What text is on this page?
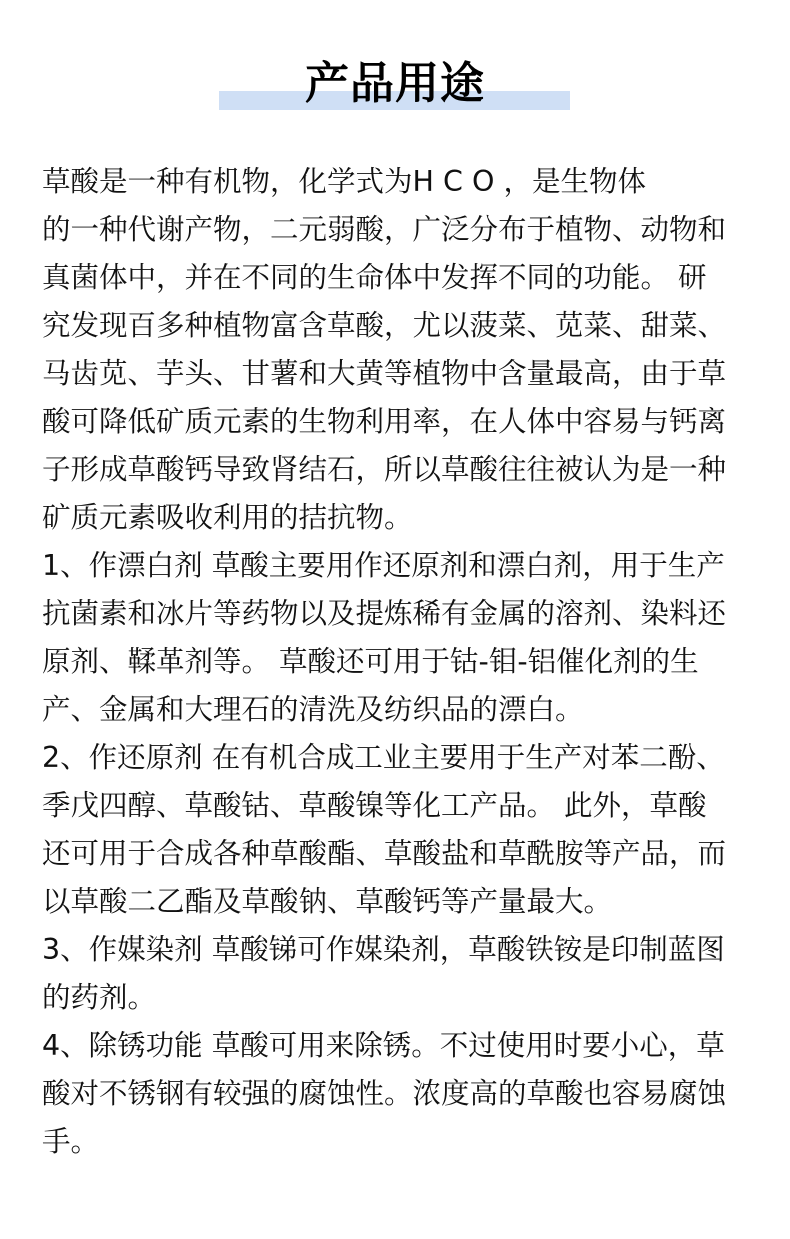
产品用途
草酸是一种有机物，化学式为H C O ，是生物体
的一种代谢产物，二元弱酸，广泛分布于植物、动物和
真菌体中，并在不同的生命体中发挥不同的功能。 研
究发现百多种植物富含草酸，尤以菠菜、苋菜、甜菜、
马齿苋、芋头、甘薯和大黄等植物中含量最高，由于草
酸可降低矿质元素的生物利用率，在人体中容易与钙离
子形成草酸钙导致肾结石，所以草酸往往被认为是一种
矿质元素吸收利用的拮抗物。
1、作漂白剂 草酸主要用作还原剂和漂白剂，用于生产
抗菌素和冰片等药物以及提炼稀有金属的溶剂、染料还
原剂、鞣革剂等。 草酸还可用于钴-钼-铝催化剂的生
产、金属和大理石的清洗及纺织品的漂白。
2、作还原剂 在有机合成工业主要用于生产对苯二酚、
季戊四醇、草酸钴、草酸镍等化工产品。 此外，草酸
还可用于合成各种草酸酯、草酸盐和草酰胺等产品，而
以草酸二乙酯及草酸钠、草酸钙等产量最大。
3、作媒染剂 草酸锑可作媒染剂，草酸铁铵是印制蓝图
的药剂。
4、除锈功能 草酸可用来除锈。不过使用时要小心，草
酸对不锈钢有较强的腐蚀性。浓度高的草酸也容易腐蚀
手。
